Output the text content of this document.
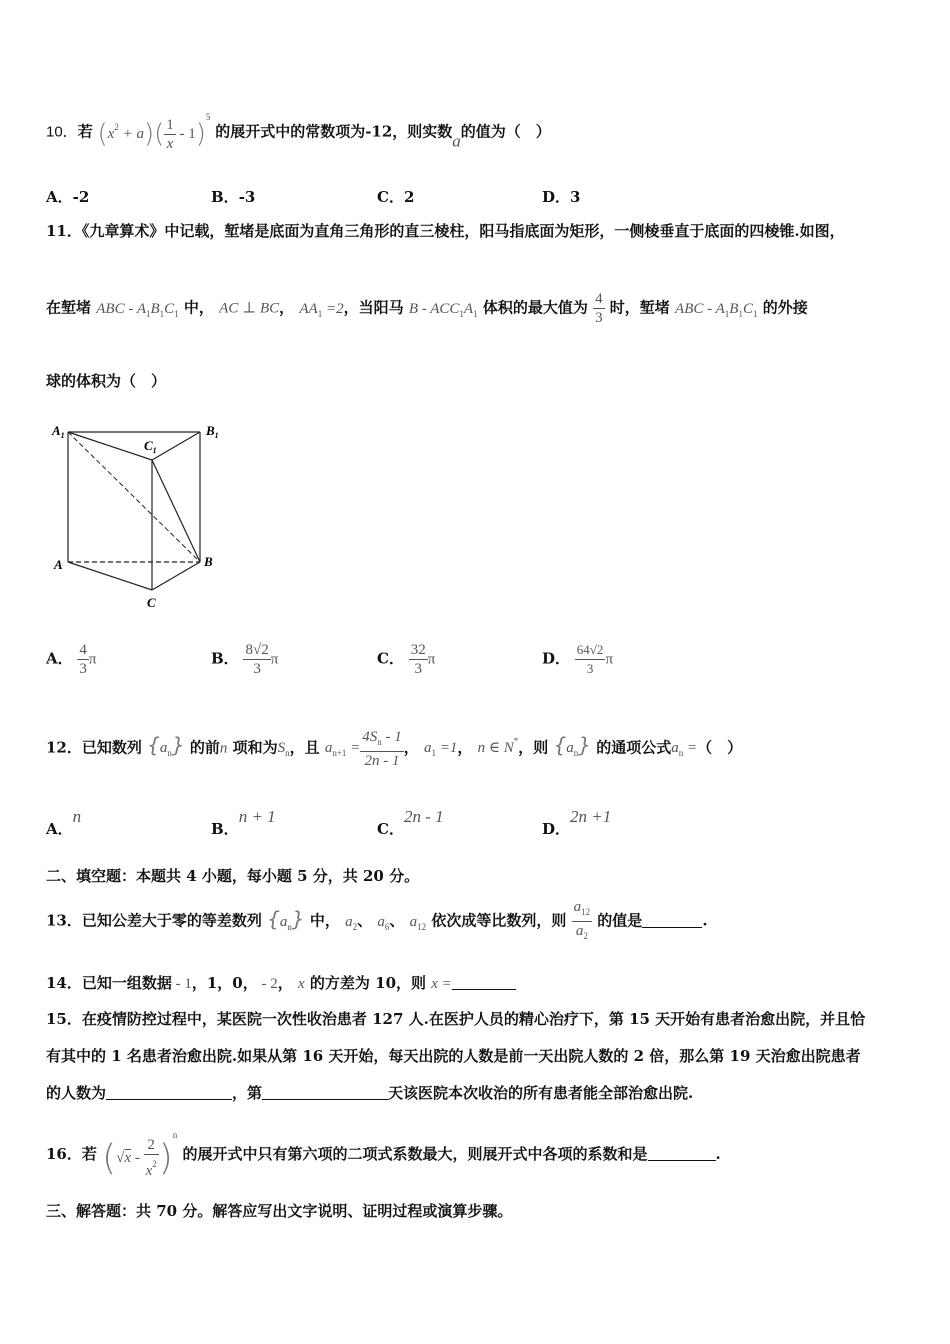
10．若 $(x^2 + a)( \frac{1}{x} - 1)^5$ 的展开式中的常数项为-12，则实数a的值为（　）
A．-2	B．-3	C．2	D．3
11．《九章算术》中记载，堑堵是底面为直角三角形的直三棱柱，阳马指底面为矩形，一侧棱垂直于底面的四棱锥.如图，
在堑堵 ABC - $A_1B_1C_1$ 中， AC ⊥ BC， $AA_1 =2$，当阳马 B - $ACC_1A_1$ 体积的最大值为 $\frac{4}{3}$ 时，堑堵 ABC - $A_1B_1C_1$ 的外接
球的体积为（　）
$A_1$	$B_1$
$C_1$
A	B
C
A． $\frac{4}{3}$ π	B． $\frac{8√2}{3}$ π	C． $\frac{32}{3}$ π	D． $\frac{64√2}{3}$ π
12．已知数列 $\{a_n\}$ 的前n 项和为$S_n$，且 $a_{n+1} = \frac{4S_n - 1}{2n - 1}$ ， $a_1 =1$， n ∈ N*，则 $\{a_n\}$ 的通项公式$a_n$ =（　）
A．n
B．n + 1
C．2n - 1
D．2n +1
二、填空题：本题共 4 小题，每小题 5 分，共 20 分。
13．已知公差大于零的等差数列 $\{a_n\}$ 中， $a_2$、 $a_6$、 $a_{12}$ 依次成等比数列，则 $\frac{a_{12}}{a_2}$ 的值是	.
14．已知一组数据 - 1，1，0， - 2， x 的方差为 10，则 x =
15．在疫情防控过程中，某医院一次性收治患者 127 人.在医护人员的精心治疗下，第 15 天开始有患者治愈出院，并且恰
有其中的 1 名患者治愈出院.如果从第 16 天开始，每天出院的人数是前一天出院人数的 2 倍，那么第 19 天治愈出院患者
的人数为	，第	天该医院本次收治的所有患者能全部治愈出院.
16．若 $(√x - \frac{2}{x^2} )^n$ 的展开式中只有第六项的二项式系数最大，则展开式中各项的系数和是	.
三、解答题：共 70 分。解答应写出文字说明、证明过程或演算步骤。
